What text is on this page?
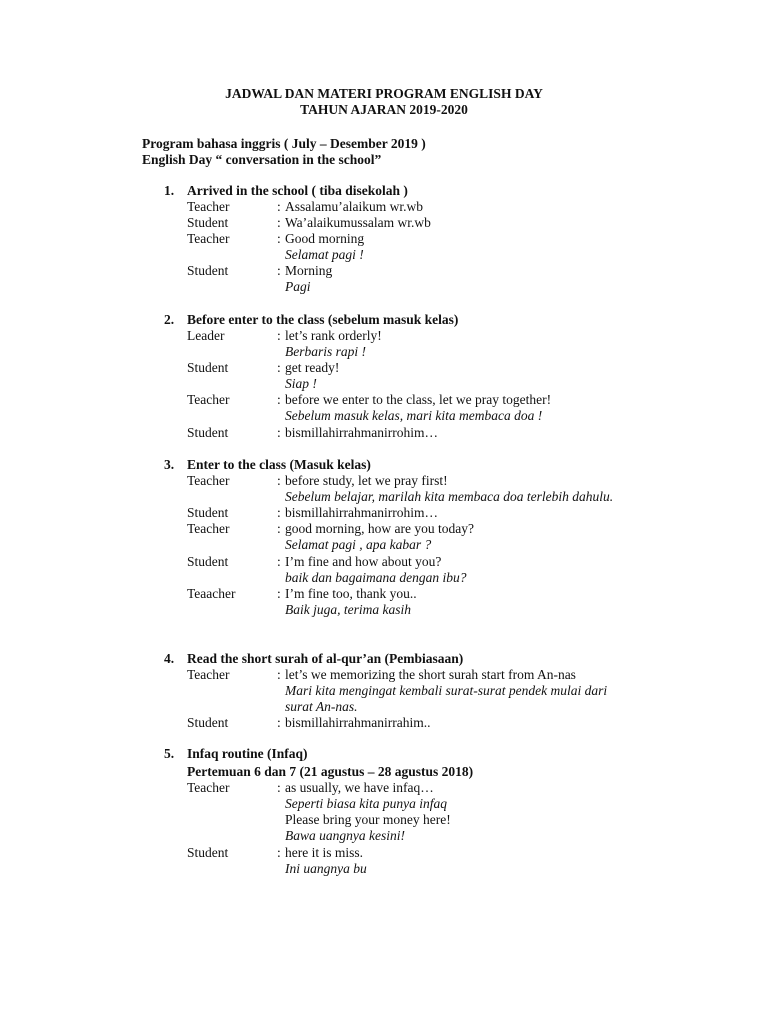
JADWAL DAN MATERI PROGRAM ENGLISH DAY
TAHUN AJARAN 2019-2020
Program bahasa inggris ( July – Desember 2019 )
English Day “ conversation in the school”
1. Arrived in the school ( tiba disekolah )
Teacher	: Assalamu’alaikum wr.wb
Student	: Wa’alaikumussalam wr.wb
Teacher	: Good morning
Selamat pagi !
Student	: Morning
Pagi
2. Before enter to the class (sebelum masuk kelas)
Leader	: let’s rank orderly!
Berbaris rapi !
Student	: get ready!
Siap !
Teacher	: before we enter to the class, let we pray together!
Sebelum masuk kelas, mari kita membaca doa !
Student	: bismillahirrahmanirrohim…
3. Enter to the class (Masuk kelas)
Teacher	: before study, let we pray first!
Sebelum belajar, marilah kita membaca doa terlebih dahulu.
Student	: bismillahirrahmanirrohim…
Teacher	: good morning, how are you today?
Selamat pagi , apa kabar ?
Student	: I’m fine and how about you?
baik dan bagaimana dengan ibu?
Teaacher	: I’m fine too, thank you..
Baik juga, terima kasih
4. Read the short surah of al-qur’an (Pembiasaan)
Teacher	: let’s we memorizing the short surah start from An-nas
Mari kita mengingat kembali surat-surat pendek mulai dari
surat An-nas.
Student	: bismillahirrahmanirrahim..
5. Infaq routine (Infaq)
Pertemuan 6 dan 7 (21 agustus – 28 agustus 2018)
Teacher	: as usually, we have infaq…
Seperti biasa kita punya infaq
Please bring your money here!
Bawa uangnya kesini!
Student	: here it is miss.
Ini uangnya bu
